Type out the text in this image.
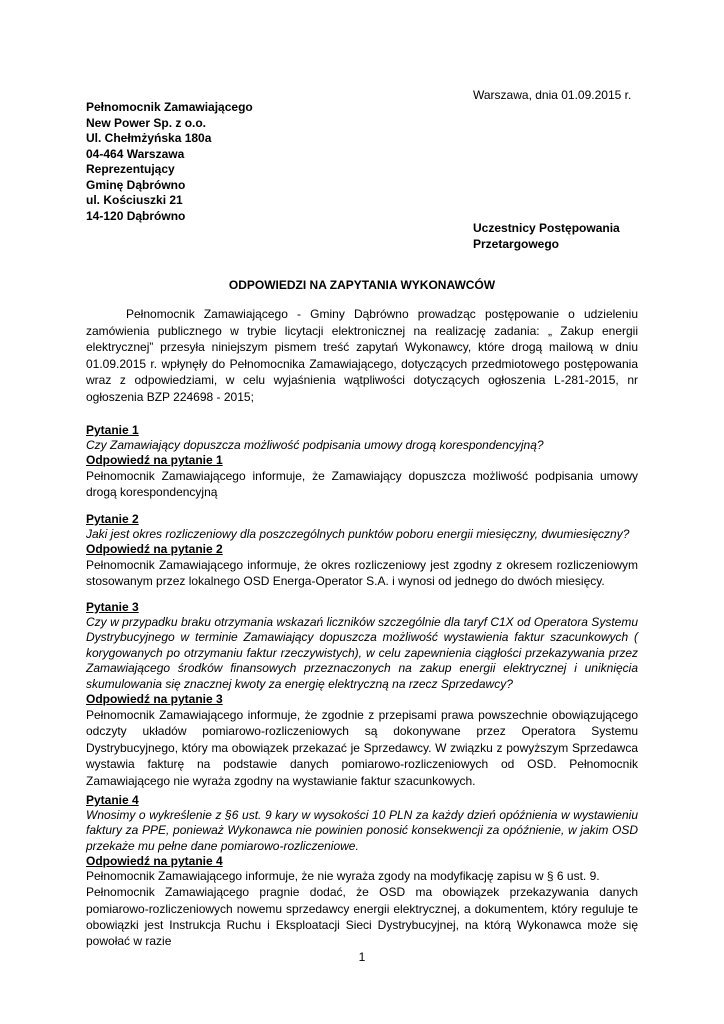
Warszawa, dnia 01.09.2015 r.
Pełnomocnik Zamawiającego
New Power Sp. z o.o.
Ul. Chełmżyńska 180a
04-464 Warszawa
Reprezentujący
Gminę Dąbrówno
ul. Kościuszki 21
14-120 Dąbrówno
Uczestnicy Postępowania
Przetargowego
ODPOWIEDZI NA ZAPYTANIA WYKONAWCÓW
Pełnomocnik Zamawiającego - Gminy Dąbrówno prowadząc postępowanie o udzieleniu zamówienia publicznego w trybie licytacji elektronicznej na realizację zadania: „ Zakup energii elektrycznej” przesyła niniejszym pismem treść zapytań Wykonawcy, które drogą mailową w dniu 01.09.2015 r. wpłynęły do Pełnomocnika Zamawiającego, dotyczących przedmiotowego postępowania wraz z odpowiedziami, w celu wyjaśnienia wątpliwości dotyczących ogłoszenia L-281-2015, nr ogłoszenia BZP 224698 - 2015;
Pytanie 1
Czy Zamawiający dopuszcza możliwość podpisania umowy drogą korespondencyjną?
Odpowiedź na pytanie 1
Pełnomocnik Zamawiającego informuje, że Zamawiający dopuszcza możliwość podpisania umowy drogą korespondencyjną
Pytanie 2
Jaki jest okres rozliczeniowy dla poszczególnych punktów poboru energii miesięczny, dwumiesięczny?
Odpowiedź na pytanie 2
Pełnomocnik Zamawiającego informuje, że okres rozliczeniowy jest zgodny z okresem rozliczeniowym stosowanym przez lokalnego OSD Energa-Operator S.A. i wynosi od jednego do dwóch miesięcy.
Pytanie 3
Czy w przypadku braku otrzymania wskazań liczników szczególnie dla taryf C1X od Operatora Systemu Dystrybucyjnego w terminie Zamawiający dopuszcza możliwość wystawienia faktur szacunkowych ( korygowanych po otrzymaniu faktur rzeczywistych), w celu zapewnienia ciągłości przekazywania przez Zamawiającego środków finansowych przeznaczonych na zakup energii elektrycznej i uniknięcia skumulowania się znacznej kwoty za energię elektryczną na rzecz Sprzedawcy?
Odpowiedź na pytanie 3
Pełnomocnik Zamawiającego informuje, że zgodnie z przepisami prawa powszechnie obowiązującego odczyty układów pomiarowo-rozliczeniowych są dokonywane przez Operatora Systemu Dystrybucyjnego, który ma obowiązek przekazać je Sprzedawcy. W związku z powyższym Sprzedawca wystawia fakturę na podstawie danych pomiarowo-rozliczeniowych od OSD. Pełnomocnik Zamawiającego nie wyraża zgodny na wystawianie faktur szacunkowych.
Pytanie 4
Wnosimy o wykreślenie z §6 ust. 9 kary w wysokości 10 PLN za każdy dzień opóźnienia w wystawieniu faktury za PPE, ponieważ Wykonawca nie powinien ponosić konsekwencji za opóźnienie, w jakim OSD przekaże mu pełne dane pomiarowo-rozliczeniowe.
Odpowiedź na pytanie 4
Pełnomocnik Zamawiającego informuje, że nie wyraża zgody na modyfikację zapisu w § 6 ust. 9.
Pełnomocnik Zamawiającego pragnie dodać, że OSD ma obowiązek przekazywania danych pomiarowo-rozliczeniowych nowemu sprzedawcy energii elektrycznej, a dokumentem, który reguluje te obowiązki jest Instrukcja Ruchu i Eksploatacji Sieci Dystrybucyjnej, na którą Wykonawca może się powołać w razie
1
